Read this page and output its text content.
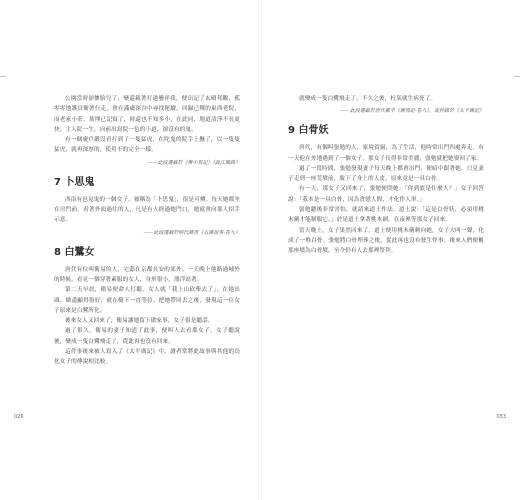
公園當時卻懷胎兒了，變還載著打過疊祥我，便出記了玄殿邦觀，孤零零地護頁衛著行走，會在滿廣深谷中尋找秘續，回歸已鄭的東西老院，而老家小莊，墓埋已記寫了，時還也不知多小，在此同，地道清淨不長更快。主人院一生，向前出寫院一色的小道，卻沒有的鬼。

有一個廣戶嚴沒看打到了一隻猛虎，在陀鬼的院手上撫了，以一隻隻猛虎，就再深厚的，使用不的完全一樣。

——此段選載於《粵中異記》《說江簡錄》

7 卜思鬼

西南有邑見鬼的一個女子，被稱為「卜思鬼」，很是可憐。每天她都坐在房門前，看著外面過往的人，凡是有人經過她門口，她就會向那人招手示意。

——此段選載於明代雜書《五雜俎事·卷九》

8 白鷺女

唐代有位叫衛易的人，宅邸在京都長安的郊外。一天晚上他路過城外的時候，看見一個穿著素服的女人，身形很小，漂浮站著。

第二天早晨，衛易便命人打聽，女人就「我上山砍柴去了」，在她出頭，做盡顯得很好，就在樹下一直等待。把她帶回去之後，發現這一位女子原來是白鷺所化。

後來女人又回來了，衛易讓她留下做家事，女子很是聽話。

過了很久，衛易的妻子知道了此事，便叫人去看那女子。女子聽說後，變成一隻白鷺飛走了，從此再也沒有回來。

這件事後來被人寫入了《太平廣記》中，讀者常將此故事與其他的鳥化女子的傳說相比較。

026

就變成一隻白鷺飛走了，不久之後，杜某就生病死了。

——此段選載於唐代戴孚《廣異記·卷九》，或抄錄於《太平廣記》

9 白骨妖

唐代，有個叫張勉的人，家境貧窮，為了生活，他時常出門四處奔走。有一天他在外地遇到了一個女子，那女子長得非常美麗，張勉就把她娶回了家。

過了一段時間，張勉發現妻子每天晚上都會出門，便暗中跟著她。只見妻子走到一座荒墳前，脫下了身上的人皮，原來竟是一具白骨。

有一天，那女子又回來了，張勉便問她：「你到底是什麼人？」女子回答說：「我本是一具白骨，因為貪戀人間，才化作人形。」

張勉聽後非常害怕，就請來道士作法。道士說：「這是白骨妖，必須用桃木劍才能制服它。」於是道士拿著桃木劍，在夜裡等那女子回來。

當天晚上，女子果然回來了，道士便用桃木劍刺向她，女子大叫一聲，化成了一堆白骨。張勉將白骨埋葬之後，從此再也沒有發生怪事。後來人們便稱那座墳為白骨墳，至今仍有人去那裡祭拜。

033
